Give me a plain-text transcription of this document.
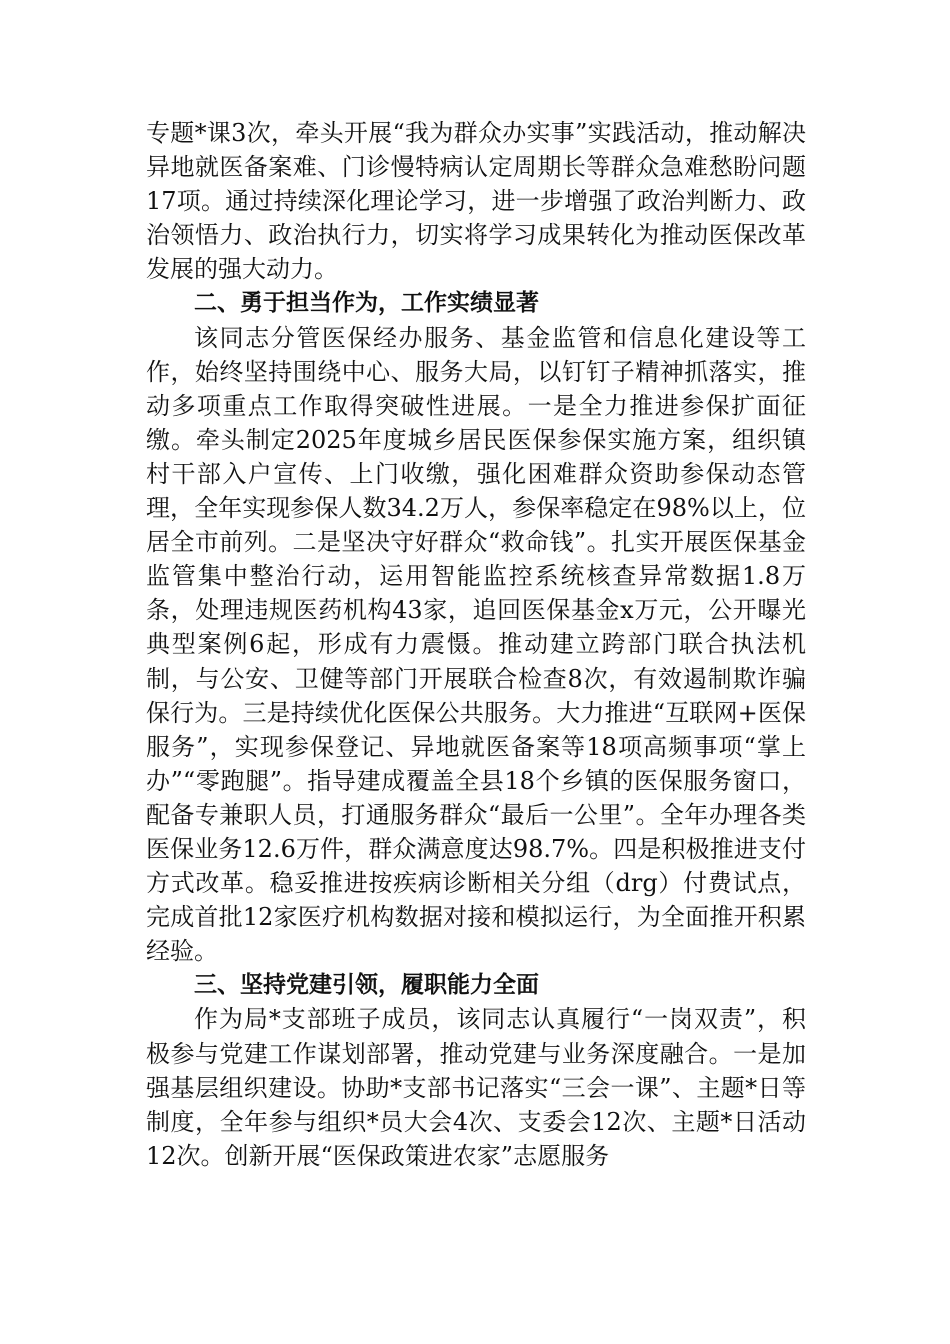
专题*课3次，牵头开展“我为群众办实事”实践活动，推动解决异地就医备案难、门诊慢特病认定周期长等群众急难愁盼问题17项。通过持续深化理论学习，进一步增强了政治判断力、政治领悟力、政治执行力，切实将学习成果转化为推动医保改革发展的强大动力。

二、勇于担当作为，工作实绩显著

该同志分管医保经办服务、基金监管和信息化建设等工作，始终坚持围绕中心、服务大局，以钉钉子精神抓落实，推动多项重点工作取得突破性进展。一是全力推进参保扩面征缴。牵头制定2025年度城乡居民医保参保实施方案，组织镇村干部入户宣传、上门收缴，强化困难群众资助参保动态管理，全年实现参保人数34.2万人，参保率稳定在98%以上，位居全市前列。二是坚决守好群众“救命钱”。扎实开展医保基金监管集中整治行动，运用智能监控系统核查异常数据1.8万条，处理违规医药机构43家，追回医保基金x万元，公开曝光典型案例6起，形成有力震慑。推动建立跨部门联合执法机制，与公安、卫健等部门开展联合检查8次，有效遏制欺诈骗保行为。三是持续优化医保公共服务。大力推进“互联网+医保服务”，实现参保登记、异地就医备案等18项高频事项“掌上办”“零跑腿”。指导建成覆盖全县18个乡镇的医保服务窗口，配备专兼职人员，打通服务群众“最后一公里”。全年办理各类医保业务12.6万件，群众满意度达98.7%。四是积极推进支付方式改革。稳妥推进按疾病诊断相关分组（drg）付费试点，完成首批12家医疗机构数据对接和模拟运行，为全面推开积累经验。

三、坚持党建引领，履职能力全面

作为局*支部班子成员，该同志认真履行“一岗双责”，积极参与党建工作谋划部署，推动党建与业务深度融合。一是加强基层组织建设。协助*支部书记落实“三会一课”、主题*日等制度，全年参与组织*员大会4次、支委会12次、主题*日活动12次。创新开展“医保政策进农家”志愿服务
